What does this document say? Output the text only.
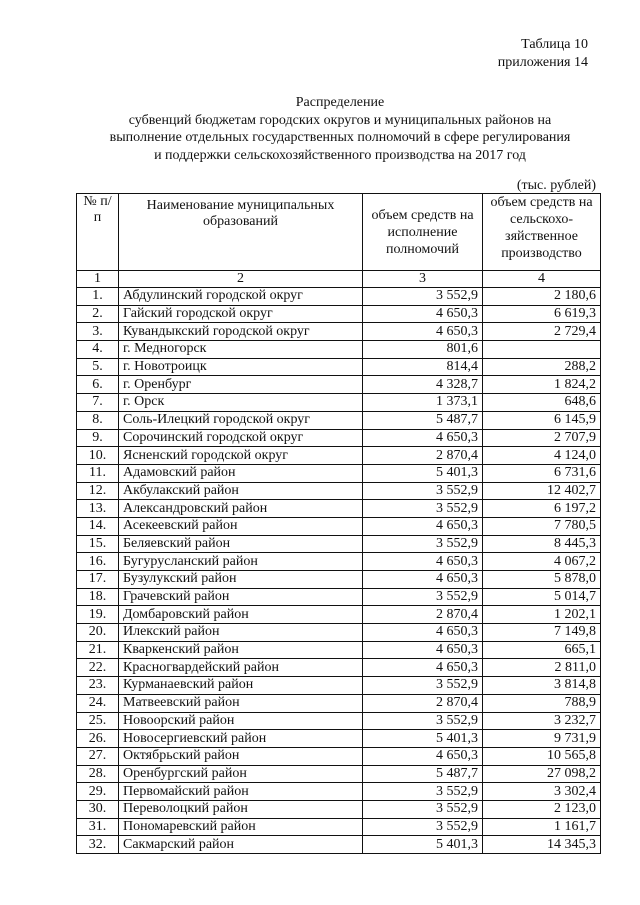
Таблица 10
приложения 14
Распределение
субвенций бюджетам городских округов и муниципальных районов на
выполнение отдельных государственных полномочий в сфере регулирования
и поддержки сельскохозяйственного производства на 2017 год
(тыс. рублей)
№ п/п	Наименование муниципальных образований	объем средств на исполнение полномочий	объем средств на сельскохо-зяйственное производство
1	2	3	4
1.	Абдулинский городской округ	3 552,9	2 180,6
2.	Гайский городской округ	4 650,3	6 619,3
3.	Кувандыкский городской округ	4 650,3	2 729,4
4.	г. Медногорск	801,6	
5.	г. Новотроицк	814,4	288,2
6.	г. Оренбург	4 328,7	1 824,2
7.	г. Орск	1 373,1	648,6
8.	Соль-Илецкий городской округ	5 487,7	6 145,9
9.	Сорочинский городской округ	4 650,3	2 707,9
10.	Ясненский городской округ	2 870,4	4 124,0
11.	Адамовский район	5 401,3	6 731,6
12.	Акбулакский район	3 552,9	12 402,7
13.	Александровский район	3 552,9	6 197,2
14.	Асекеевский район	4 650,3	7 780,5
15.	Беляевский район	3 552,9	8 445,3
16.	Бугурусланский район	4 650,3	4 067,2
17.	Бузулукский район	4 650,3	5 878,0
18.	Грачевский район	3 552,9	5 014,7
19.	Домбаровский район	2 870,4	1 202,1
20.	Илекский район	4 650,3	7 149,8
21.	Кваркенский район	4 650,3	665,1
22.	Красногвардейский район	4 650,3	2 811,0
23.	Курманаевский район	3 552,9	3 814,8
24.	Матвеевский район	2 870,4	788,9
25.	Новоорский район	3 552,9	3 232,7
26.	Новосергиевский район	5 401,3	9 731,9
27.	Октябрьский район	4 650,3	10 565,8
28.	Оренбургский район	5 487,7	27 098,2
29.	Первомайский район	3 552,9	3 302,4
30.	Переволоцкий район	3 552,9	2 123,0
31.	Пономаревский район	3 552,9	1 161,7
32.	Сакмарский район	5 401,3	14 345,3
